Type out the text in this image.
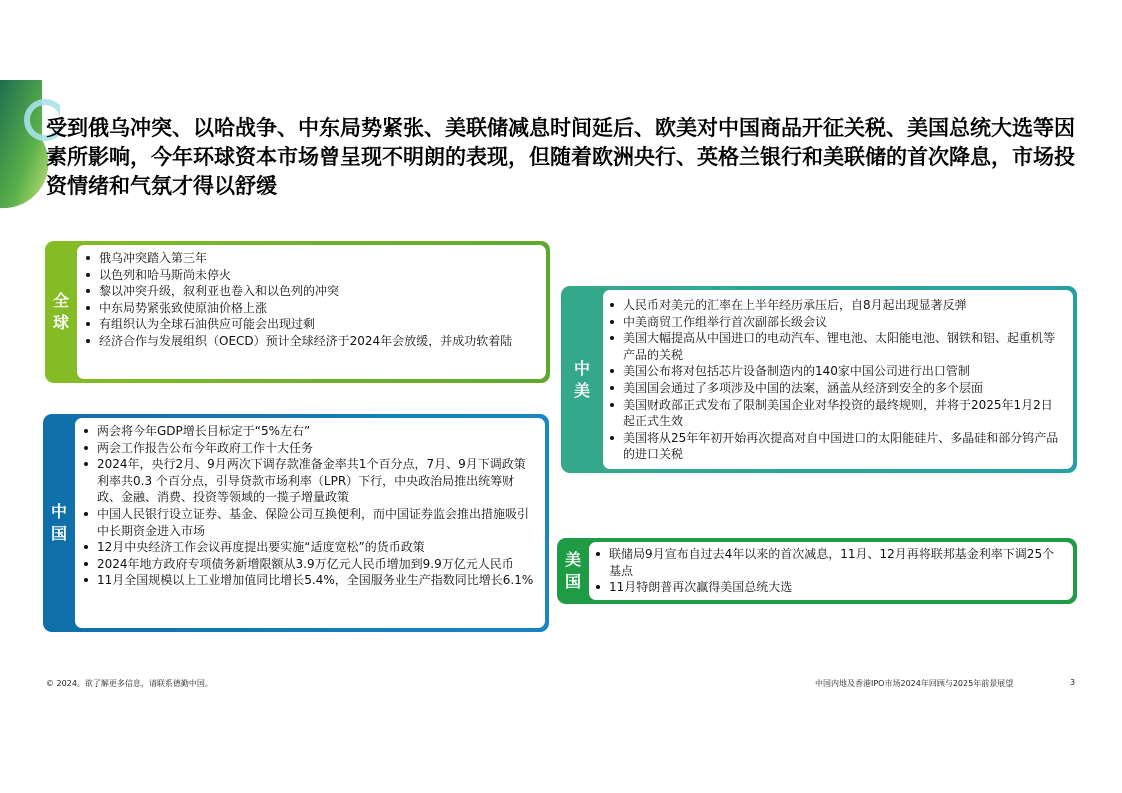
受到俄乌冲突、以哈战争、中东局势紧张、美联储减息时间延后、欧美对中国商品开征关税、美国总统大选等因素所影响，今年环球资本市场曾呈现不明朗的表现，但随着欧洲央行、英格兰银行和美联储的首次降息，市场投资情绪和气氛才得以舒缓
全
球
俄乌冲突踏入第三年
以色列和哈马斯尚未停火
黎以冲突升级，叙利亚也卷入和以色列的冲突
中东局势紧张致使原油价格上涨
有组织认为全球石油供应可能会出现过剩
经济合作与发展组织（OECD）预计全球经济于2024年会放缓，并成功软着陆
中
国
两会将今年GDP增长目标定于“5%左右”
两会工作报告公布今年政府工作十大任务
2024年，央行2月、9月两次下调存款准备金率共1个百分点，7月、9月下调政策利率共0.3 个百分点，引导贷款市场利率（LPR）下行，中央政治局推出统筹财政、金融、消费、投资等领域的一揽子增量政策
中国人民银行设立证券、基金、保险公司互换便利，而中国证券监会推出措施吸引中长期资金进入市场
12月中央经济工作会议再度提出要实施“适度宽松”的货币政策
2024年地方政府专项债务新增限额从3.9万亿元人民币增加到9.9万亿元人民币
11月全国规模以上工业增加值同比增长5.4%，全国服务业生产指数同比增长6.1%
中
美
人民币对美元的汇率在上半年经历承压后，自8月起出现显著反弹
中美商贸工作组举行首次副部长级会议
美国大幅提高从中国进口的电动汽车、锂电池、太阳能电池、钢铁和铝、起重机等产品的关税
美国公布将对包括芯片设备制造内的140家中国公司进行出口管制
美国国会通过了多项涉及中国的法案，涵盖从经济到安全的多个层面
美国财政部正式发布了限制美国企业对华投资的最终规则，并将于2025年1月2日起正式生效
美国将从25年年初开始再次提高对自中国进口的太阳能硅片、多晶硅和部分钨产品的进口关税
美
国
联储局9月宣布自过去4年以来的首次减息，11月、12月再将联邦基金利率下调25个基点
11月特朗普再次赢得美国总统大选
© 2024。欲了解更多信息，请联系德勤中国。	中国内地及香港IPO市场2024年回顾与2025年前景展望	3
